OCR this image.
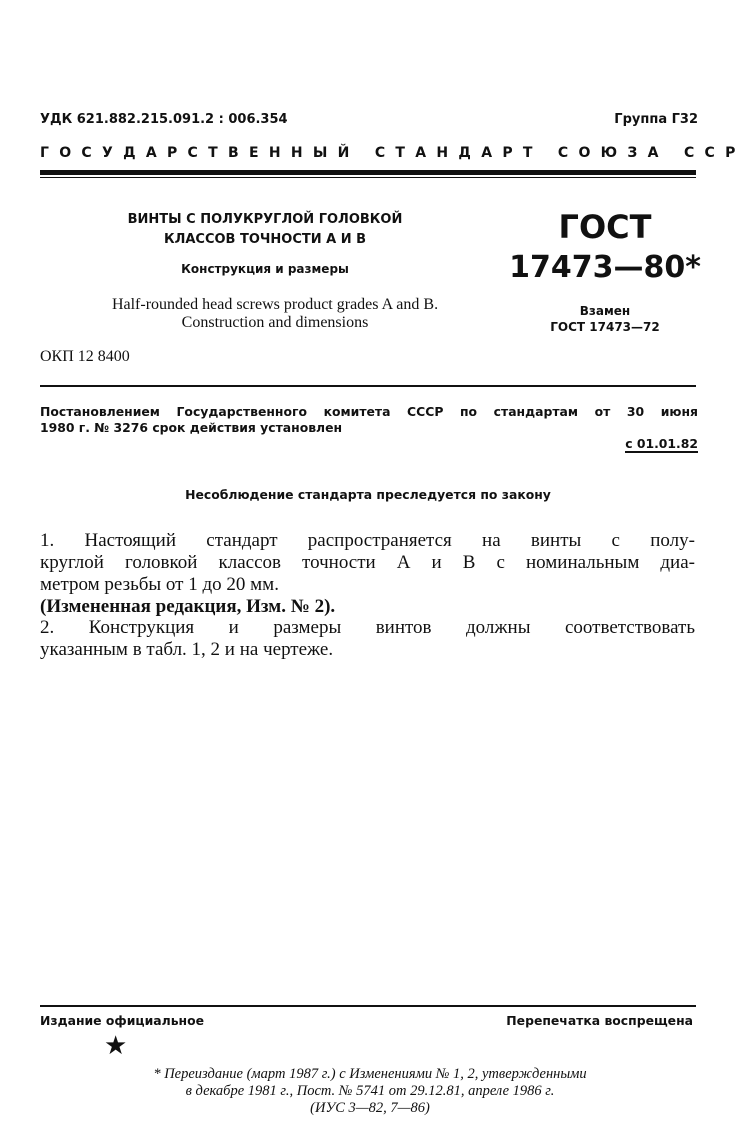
УДК 621.882.215.091.2 : 006.354	Группа Г32
ГОСУДАРСТВЕННЫЙ СТАНДАРТ СОЮЗА ССР
ВИНТЫ С ПОЛУКРУГЛОЙ ГОЛОВКОЙ
КЛАССОВ ТОЧНОСТИ А И В
Конструкция и размеры
Half-rounded head screws product grades A and B.
Construction and dimensions
ГОСТ
17473—80*
Взамен
ГОСТ 17473—72
ОКП 12 8400
Постановлением Государственного комитета СССР по стандартам от 30 июня
1980 г. № 3276 срок действия установлен
с 01.01.82
Несоблюдение стандарта преследуется по закону
1. Настоящий стандарт распространяется на винты с полу-
круглой головкой классов точности А и В с номинальным диа-
метром резьбы от 1 до 20 мм.
(Измененная редакция, Изм. № 2).
2. Конструкция и размеры винтов должны соответствовать
указанным в табл. 1, 2 и на чертеже.
Издание официальное	Перепечатка воспрещена
★
* Переиздание (март 1987 г.) с Изменениями № 1, 2, утвержденными
в декабре 1981 г., Пост. № 5741 от 29.12.81, апреле 1986 г.
(ИУС 3—82, 7—86)
